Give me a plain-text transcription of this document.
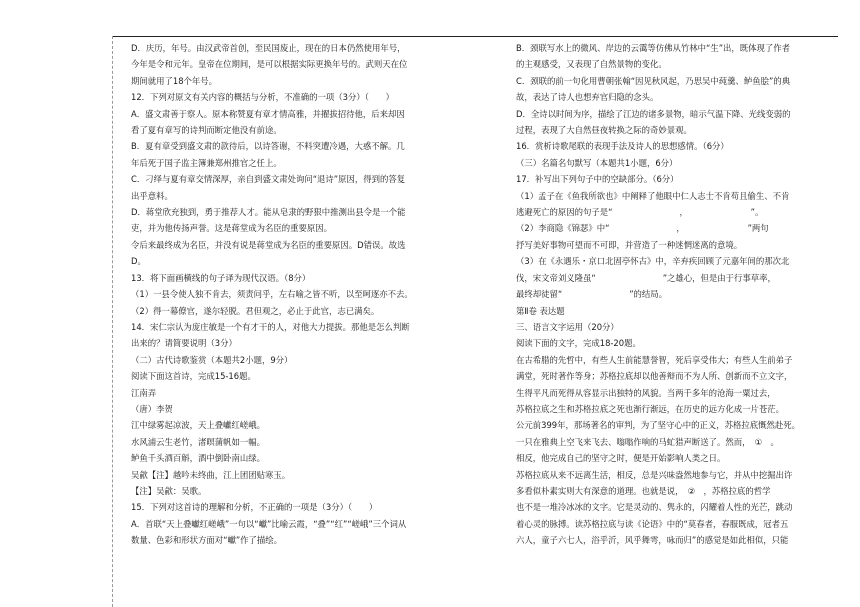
D．庆历，年号。由汉武帝首创，至民国废止，现在的日本仍然使用年号，

今年是令和元年。皇帝在位期间，是可以根据实际更换年号的。武则天在位

期间就用了18个年号。

12．下列对原文有关内容的概括与分析，不准确的一项（3分）（　　）

A．盛文肃善于察人。原本称赞夏有章才情高雅，并擢拔招待他，后来却因

看了夏有章写的诗判而断定他没有前途。

B．夏有章受到盛文肃的款待后，以诗答谢，不料突遭冷遇，大惑不解。几

年后死于国子监主簿兼郑州推官之任上。

C．刁绎与夏有章交情深厚，亲自到盛文肃处询问“退诗”原因，得到的答复

出乎意料。

D．蒋堂欣充独到，勇于推荐人才。能从皂隶的野狠中推测出县令是一个能

吏，并为他传扬声誉。这是蒋堂成为名臣的重要原因。

令后来最终成为名臣，并没有说是蒋堂成为名臣的重要原因。D错误。故选

D。

13．将下面画横线的句子译为现代汉语。（8分）

（1）一县令使人独不肯去，须责问乎，左右喻之皆不听，以至呵逐亦不去。

（2）得一幕僚官，遂尔轻脱。君但观之，必止于此官，志已满矣。

14．宋仁宗认为庞庄敏是一个有才干的人，对他大力提拔。那他是怎么判断

出来的？请简要说明（3分）

（二）古代诗歌鉴赏（本题共2小题，9分）

阅读下面这首诗，完成15-16题。

江南弄

（唐）李贺

江中绿雾起凉波，天上叠巘红嵯峨。

水风浦云生老竹，渚暝蒲帆如一幅。

鲈鱼千头酒百斛，酒中倒卧南山绿。

吴歈【注】越吟未终曲，江上团团贴寒玉。

【注】吴歈：吴歌。

15．下列对这首诗的理解和分析，不正确的一项是（3分）（　　）

A．首联“天上叠巘红嵯峨”一句以“巘”比喻云霞，“叠”“红”“嵯峨”三个词从

数量、色彩和形状方面对“巘”作了描绘。

B．颈联写水上的微风、岸边的云霭等仿佛从竹林中“生”出，既体现了作者

的主观感受，又表现了自然景物的变化。

C．颈联的前一句化用曹朝张翰“因见秋风起，乃思吴中莼羹、鲈鱼脍”的典

故，表达了诗人也想弃官归隐的念头。

D．全诗以时间为序，描绘了江边的诸多景物，暗示气温下降、光线变弱的

过程，表现了大自然昼夜转换之际的奇妙景观。

16．赏析诗歌尾联的表现手法及诗人的思想感情。（6分）

（三）名篇名句默写（本题共1小题，6分）

17．补写出下列句子中的空缺部分。（6分）

（1）孟子在《鱼我所欲也》中阐释了他眼中仁人志士不肯苟且偷生、不肯

逃避死亡的原因的句子是“　　　　　　　　，　　　　　　　　”。

（2）李商隐《锦瑟》中“　　　　　　　　，　　　　　　　　”两句

抒写美好事物可望而不可即，并营造了一种迷惘迷离的意境。

（3）在《永遇乐・京口北固亭怀古》中，辛弃疾回顾了元嘉年间的那次北

伐，宋文帝刘义隆虽“　　　　　　　　”之雄心，但是由于行事草率，

最终却徒留“　　　　　　　　”的结局。

第Ⅱ卷 表达题

三、语言文字运用（20分）

阅读下面的文字，完成18-20题。

在古希腊的先哲中，有些人生前能慧誉智，死后享受伟大；有些人生前弟子

满堂，死时著作等身；苏格拉底却以他善辩而不为人所、创新而不立文字，

生得平凡而死得从容显示出独特的风貌。当两千多年的沧海一粟过去，

苏格拉底之生和苏格拉底之死也渐行渐远，在历史的远方化成一片苍茫。

公元前399年，那场著名的审判，为了坚守心中的正义，苏格拉底慨然赴死。

一只在雅典上空飞来飞去、嗡嗡作响的马虻猎声断送了。然而，　①　。

相反，他完成自己的坚守之时，便是开始影响人类之日。

苏格拉底从来不远离生活，相反，总是兴味盎然地参与它，并从中挖掘出许

多看似朴素实则大有深意的道理。也就是说，　②　，苏格拉底的哲学

也不是一堆冷冰冰的文字。它是灵动的、隽永的，闪耀着人性的光芒，跳动

着心灵的脉搏。读苏格拉底与读《论语》中的“莫春者，春服既成，冠者五

六人，童子六七人，浴乎沂，风乎舞雩，咏而归”的感觉是如此相似，只能
